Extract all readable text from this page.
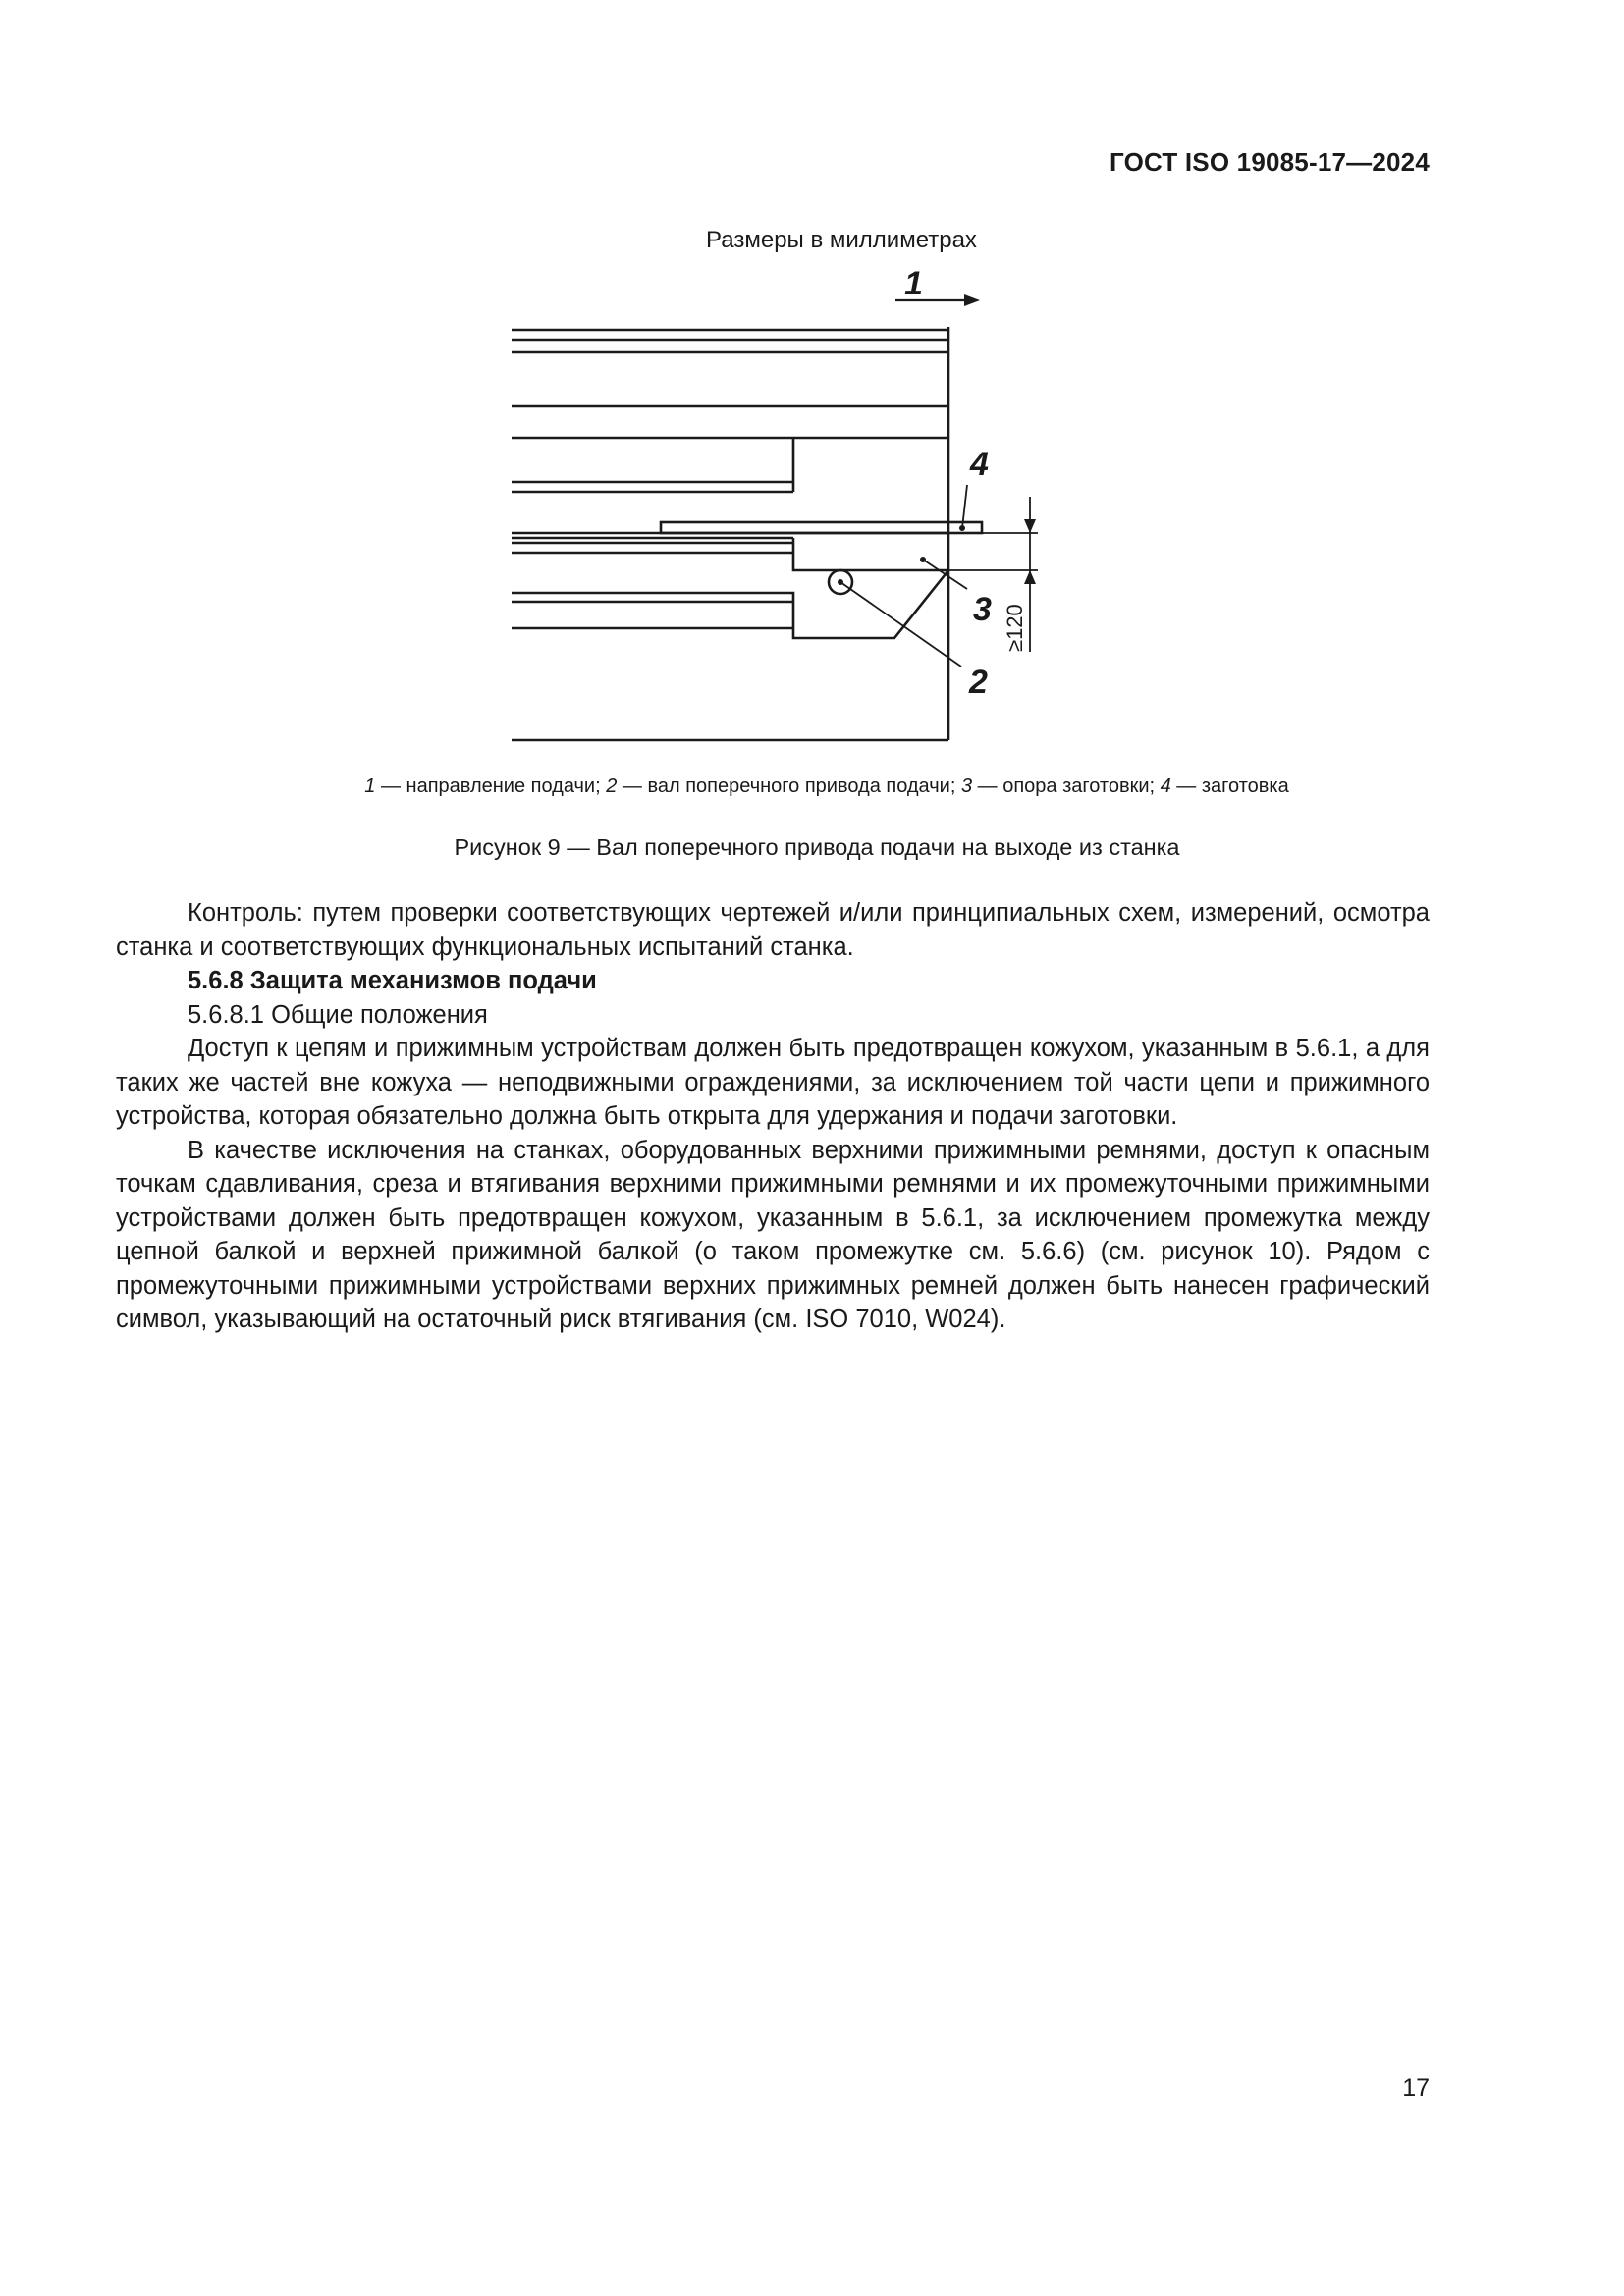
ГОСТ ISO 19085-17—2024
Размеры в миллиметрах
1
4
3
2
≥120
1 — направление подачи; 2 — вал поперечного привода подачи; 3 — опора заготовки; 4 — заготовка
Рисунок 9 — Вал поперечного привода подачи на выходе из станка

Контроль: путем проверки соответствующих чертежей и/или принципиальных схем, измерений, осмотра станка и соответствующих функциональных испытаний станка.

5.6.8 Защита механизмов подачи

5.6.8.1 Общие положения

Доступ к цепям и прижимным устройствам должен быть предотвращен кожухом, указанным в 5.6.1, а для таких же частей вне кожуха — неподвижными ограждениями, за исключением той части цепи и прижимного устройства, которая обязательно должна быть открыта для удержания и подачи заготовки.

В качестве исключения на станках, оборудованных верхними прижимными ремнями, доступ к опасным точкам сдавливания, среза и втягивания верхними прижимными ремнями и их промежуточными прижимными устройствами должен быть предотвращен кожухом, указанным в 5.6.1, за исключением промежутка между цепной балкой и верхней прижимной балкой (о таком промежутке см. 5.6.6) (см. рисунок 10). Рядом с промежуточными прижимными устройствами верхних прижимных ремней должен быть нанесен графический символ, указывающий на остаточный риск втягивания (см. ISO 7010, W024).

17
